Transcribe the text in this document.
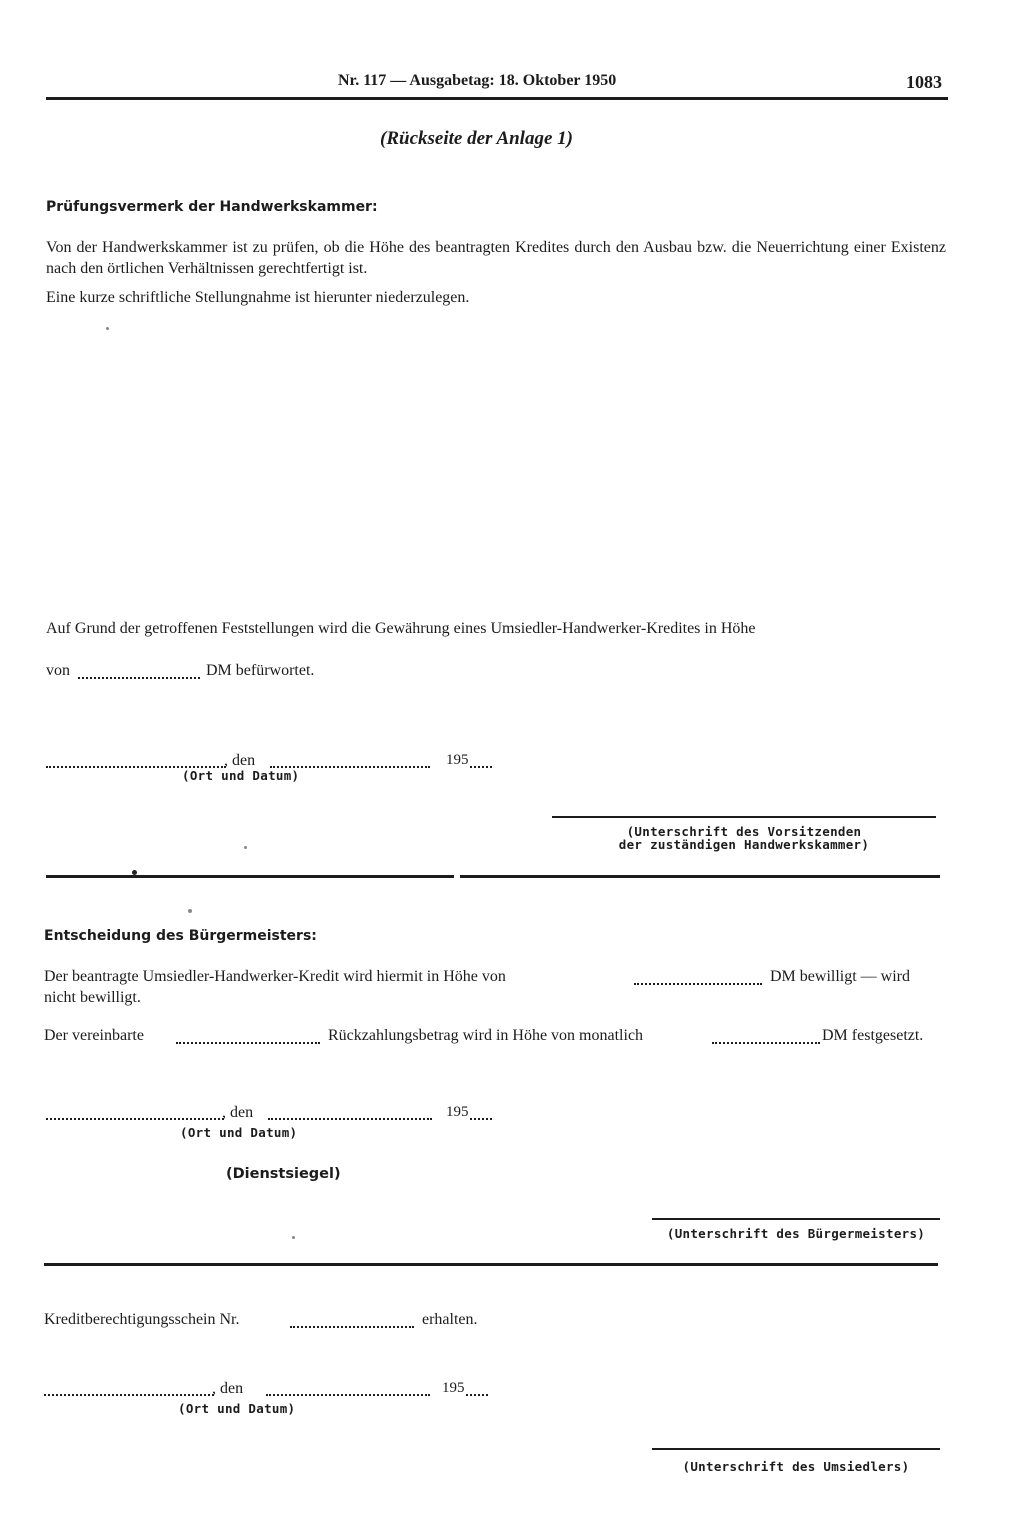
Nr. 117 — Ausgabetag: 18. Oktober 1950	1083
(Rückseite der Anlage 1)
Prüfungsvermerk der Handwerkskammer:

Von der Handwerkskammer ist zu prüfen, ob die Höhe des beantragten Kredites durch den Ausbau bzw. die Neuerrichtung einer Existenz nach den örtlichen Verhältnissen gerechtfertigt ist.

Eine kurze schriftliche Stellungnahme ist hierunter niederzulegen.

Auf Grund der getroffenen Feststellungen wird die Gewährung eines Umsiedler-Handwerker-Kredites in Höhe
von	DM befürwortet.
, den	195
(Ort und Datum)
(Unterschrift des Vorsitzenden
der zuständigen Handwerkskammer)
Entscheidung des Bürgermeisters:
Der beantragte Umsiedler-Handwerker-Kredit wird hiermit in Höhe von	DM bewilligt — wird
nicht bewilligt.
Der vereinbarte	Rückzahlungsbetrag wird in Höhe von monatlich	DM festgesetzt.
, den	195
(Ort und Datum)
(Dienstsiegel)
(Unterschrift des Bürgermeisters)
Kreditberechtigungsschein Nr.	erhalten.
, den	195
(Ort und Datum)
(Unterschrift des Umsiedlers)
